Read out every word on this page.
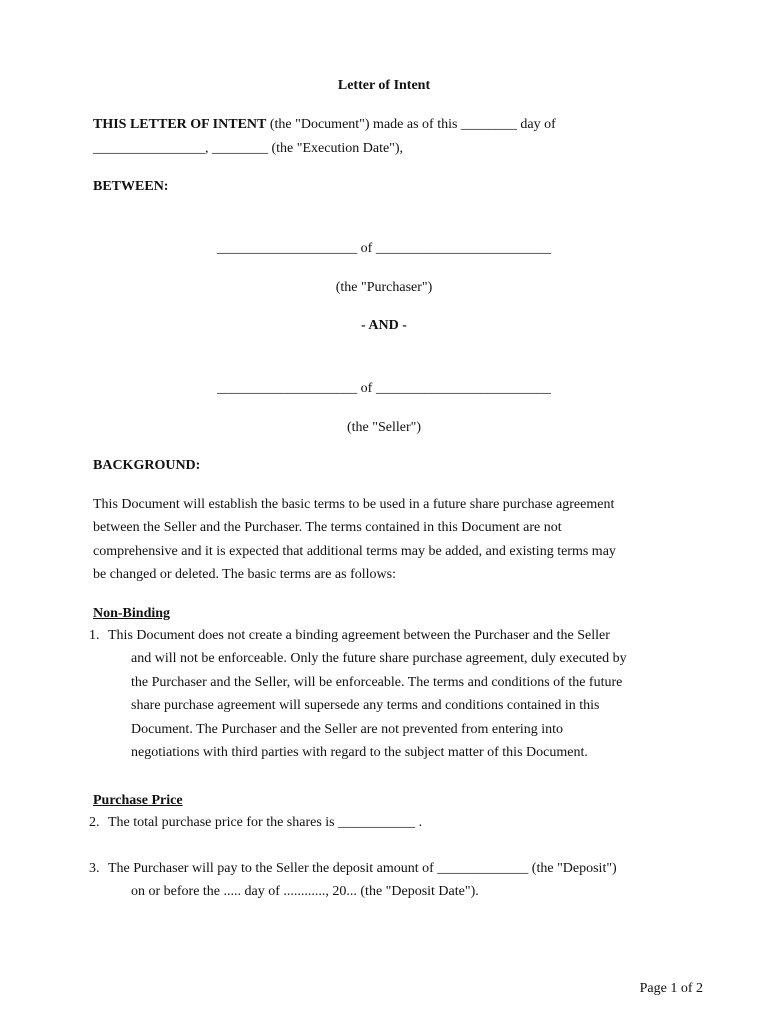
Letter of Intent
THIS LETTER OF INTENT (the "Document") made as of this ________ day of
________________, ________ (the "Execution Date"),
BETWEEN:
____________________ of _________________________
(the "Purchaser")
- AND -
____________________ of _________________________
(the "Seller")
BACKGROUND:
This Document will establish the basic terms to be used in a future share purchase agreement
between the Seller and the Purchaser. The terms contained in this Document are not
comprehensive and it is expected that additional terms may be added, and existing terms may
be changed or deleted. The basic terms are as follows:
Non-Binding
1. This Document does not create a binding agreement between the Purchaser and the Seller
and will not be enforceable. Only the future share purchase agreement, duly executed by
the Purchaser and the Seller, will be enforceable. The terms and conditions of the future
share purchase agreement will supersede any terms and conditions contained in this
Document. The Purchaser and the Seller are not prevented from entering into
negotiations with third parties with regard to the subject matter of this Document.
Purchase Price
2. The total purchase price for the shares is ___________ .
3. The Purchaser will pay to the Seller the deposit amount of _____________ (the "Deposit")
on or before the ..... day of ............, 20... (the "Deposit Date").
Page 1 of 2
